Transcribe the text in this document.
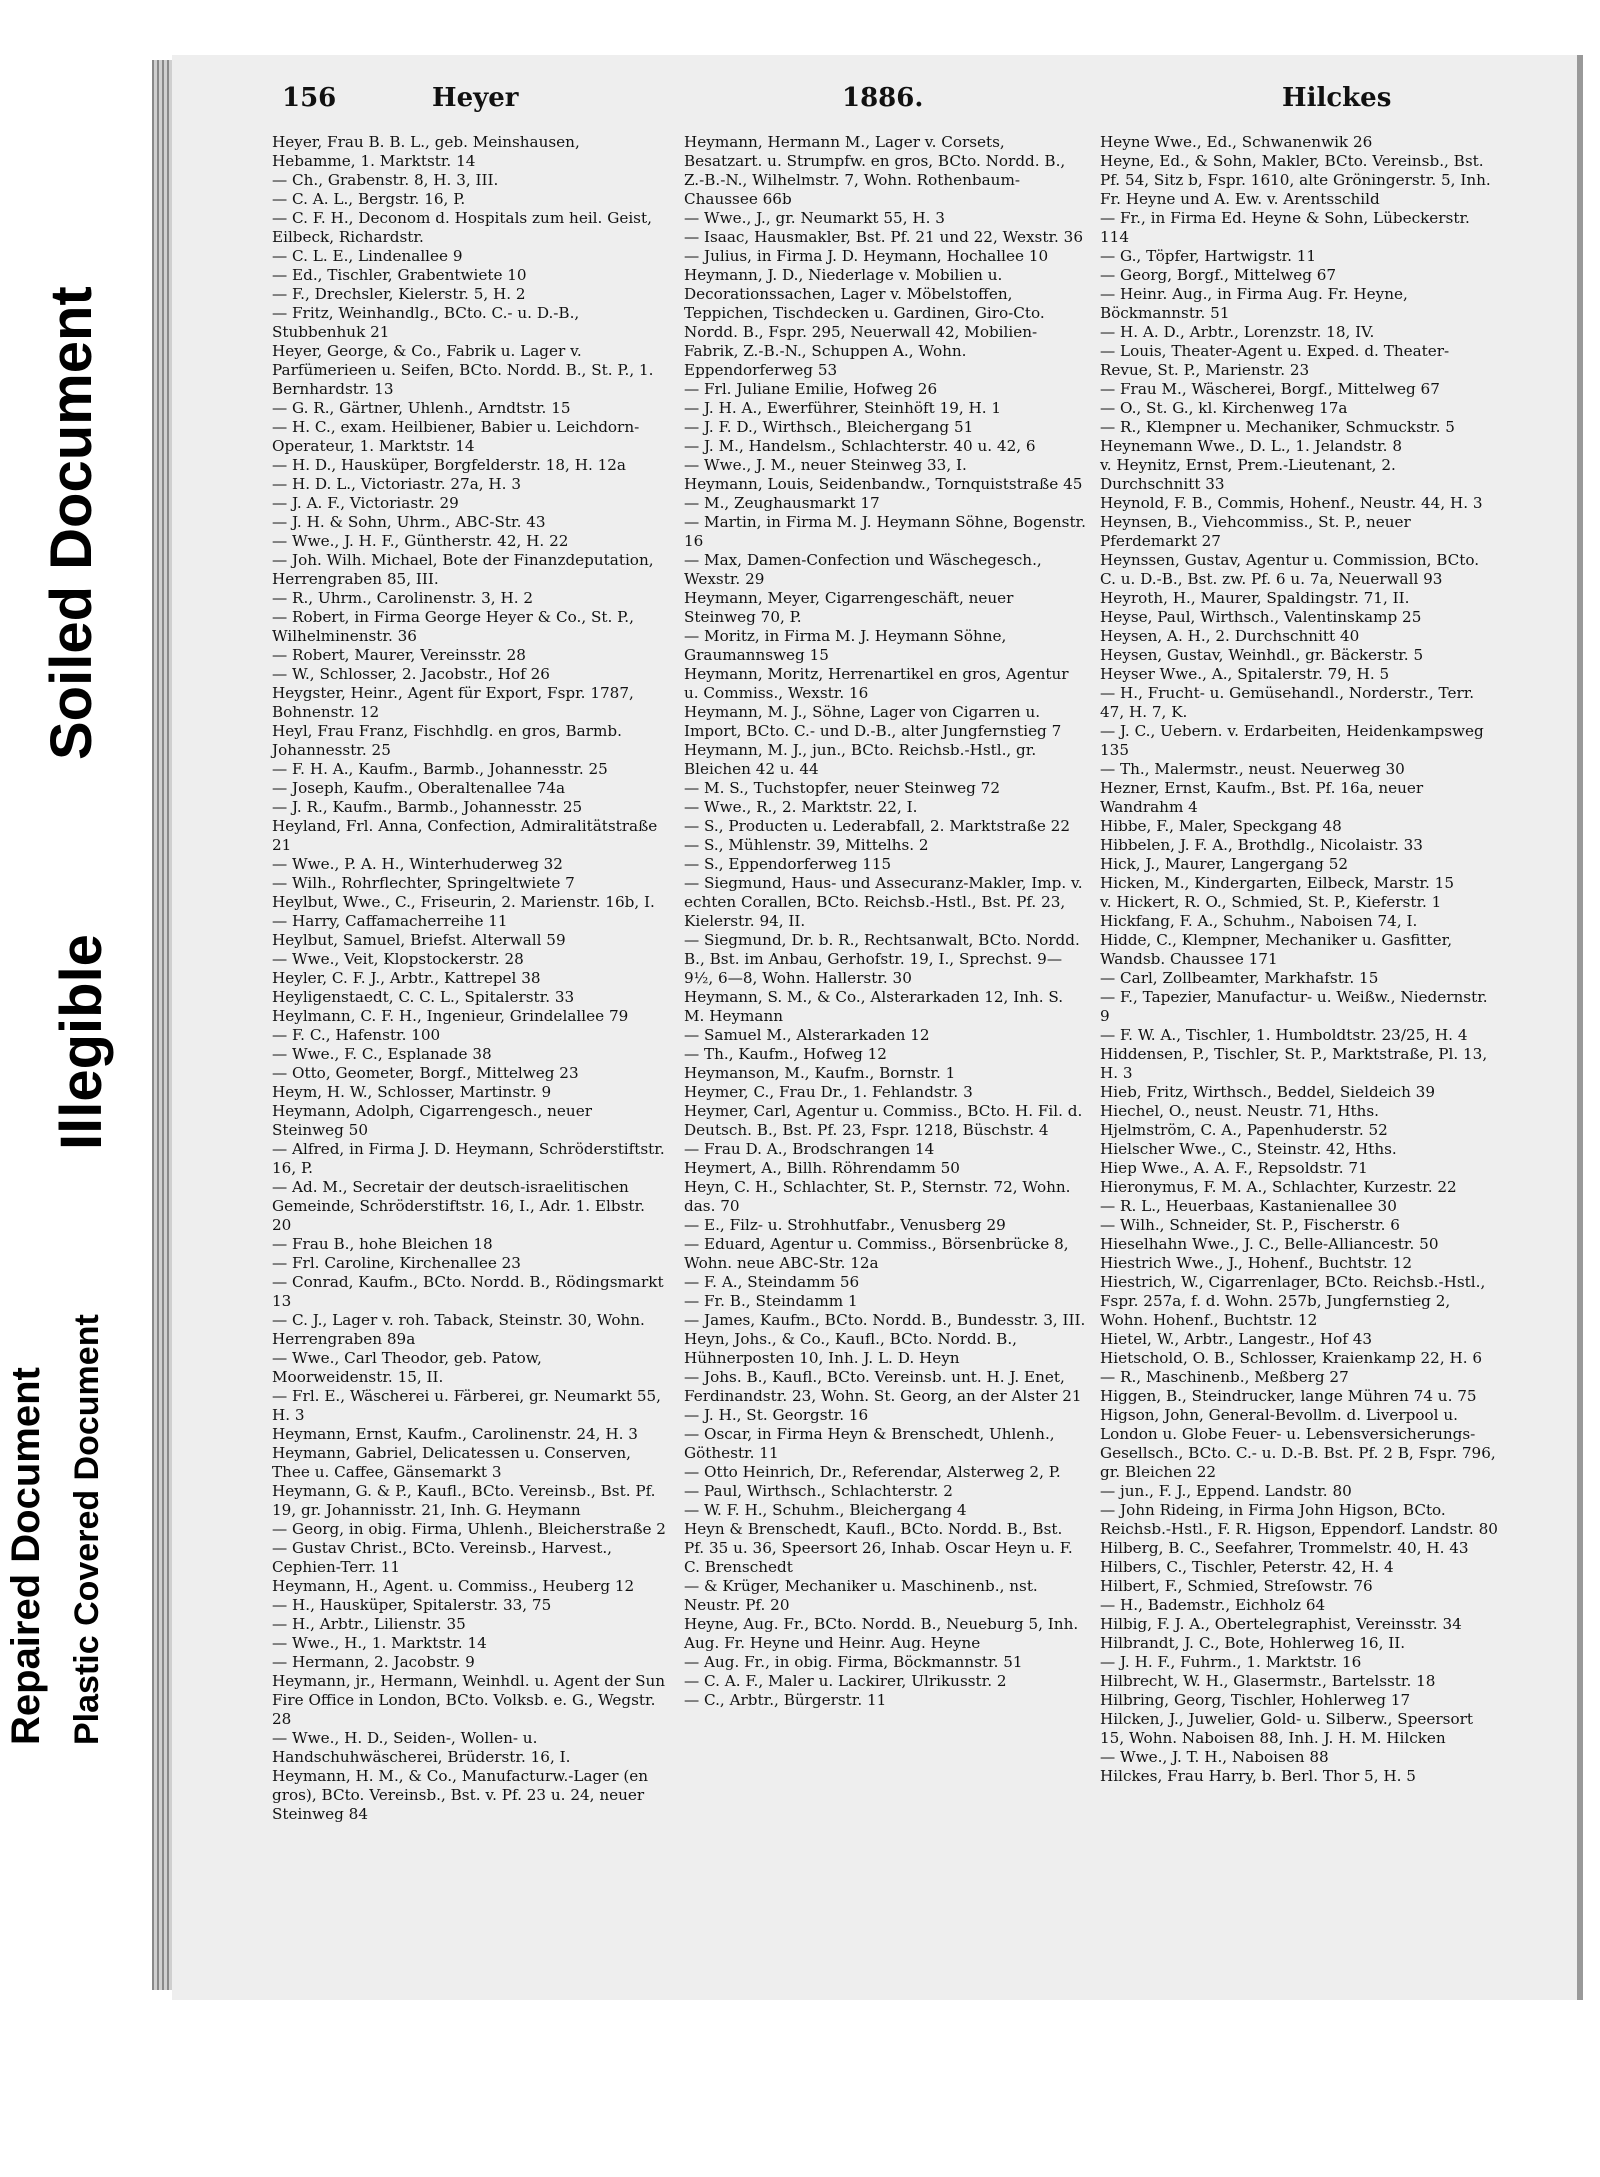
Soiled Document
Illegible
Repaired Document Plastic Covered Document
156	Heyer	1886.	Hilckes
Heyer, Frau B. B. L., geb. Meinshausen, Hebamme, 1. Marktstr. 14
— Ch., Grabenstr. 8, H. 3, III.
— C. A. L., Bergstr. 16, P.
— C. F. H., Deconom d. Hospitals zum heil. Geist, Eilbeck, Richardstr.
— C. L. E., Lindenallee 9
— Ed., Tischler, Grabentwiete 10
— F., Drechsler, Kielerstr. 5, H. 2
— Fritz, Weinhandlg., BCto. C.- u. D.-B., Stubbenhuk 21
Heyer, George, & Co., Fabrik u. Lager v. Parfümerieen u. Seifen, BCto. Nordd. B., St. P., 1. Bernhardstr. 13
— G. R., Gärtner, Uhlenh., Arndtstr. 15
— H. C., exam. Heilbiener, Babier u. Leichdorn-Operateur, 1. Marktstr. 14
— H. D., Hausküper, Borgfelderstr. 18, H. 12a
— H. D. L., Victoriastr. 27a, H. 3
— J. A. F., Victoriastr. 29
— J. H. & Sohn, Uhrm., ABC-Str. 43
— Wwe., J. H. F., Güntherstr. 42, H. 22
— Joh. Wilh. Michael, Bote der Finanzdeputation, Herrengraben 85, III.
— R., Uhrm., Carolinenstr. 3, H. 2
— Robert, in Firma George Heyer & Co., St. P., Wilhelminenstr. 36
— Robert, Maurer, Vereinsstr. 28
— W., Schlosser, 2. Jacobstr., Hof 26
Heygster, Heinr., Agent für Export, Fspr. 1787, Bohnenstr. 12
Heyl, Frau Franz, Fischhdlg. en gros, Barmb. Johannesstr. 25
— F. H. A., Kaufm., Barmb., Johannesstr. 25
— Joseph, Kaufm., Oberaltenallee 74a
— J. R., Kaufm., Barmb., Johannesstr. 25
Heyland, Frl. Anna, Confection, Admiralitätstraße 21
— Wwe., P. A. H., Winterhuderweg 32
— Wilh., Rohrflechter, Springeltwiete 7
Heylbut, Wwe., C., Friseurin, 2. Marienstr. 16b, I.
— Harry, Caffamacherreihe 11
Heylbut, Samuel, Briefst. Alterwall 59
— Wwe., Veit, Klopstockerstr. 28
Heyler, C. F. J., Arbtr., Kattrepel 38
Heyligenstaedt, C. C. L., Spitalerstr. 33
Heylmann, C. F. H., Ingenieur, Grindelallee 79
— F. C., Hafenstr. 100
— Wwe., F. C., Esplanade 38
— Otto, Geometer, Borgf., Mittelweg 23
Heym, H. W., Schlosser, Martinstr. 9
Heymann, Adolph, Cigarrengesch., neuer Steinweg 50
— Alfred, in Firma J. D. Heymann, Schröderstiftstr. 16, P.
— Ad. M., Secretair der deutsch-israelitischen Gemeinde, Schröderstiftstr. 16, I., Adr. 1. Elbstr. 20
— Frau B., hohe Bleichen 18
— Frl. Caroline, Kirchenallee 23
— Conrad, Kaufm., BCto. Nordd. B., Rödingsmarkt 13
— C. J., Lager v. roh. Taback, Steinstr. 30, Wohn. Herrengraben 89a
— Wwe., Carl Theodor, geb. Patow, Moorweidenstr. 15, II.
— Frl. E., Wäscherei u. Färberei, gr. Neumarkt 55, H. 3
Heymann, Ernst, Kaufm., Carolinenstr. 24, H. 3
Heymann, Gabriel, Delicatessen u. Conserven, Thee u. Caffee, Gänsemarkt 3
Heymann, G. & P., Kaufl., BCto. Vereinsb., Bst. Pf. 19, gr. Johannisstr. 21, Inh. G. Heymann
— Georg, in obig. Firma, Uhlenh., Bleicherstraße 2
— Gustav Christ., BCto. Vereinsb., Harvest., Cephien-Terr. 11
Heymann, H., Agent. u. Commiss., Heuberg 12
— H., Hausküper, Spitalerstr. 33, 75
— H., Arbtr., Lilienstr. 35
— Wwe., H., 1. Marktstr. 14
— Hermann, 2. Jacobstr. 9
Heymann, jr., Hermann, Weinhdl. u. Agent der Sun Fire Office in London, BCto. Volksb. e. G., Wegstr. 28
— Wwe., H. D., Seiden-, Wollen- u. Handschuhwäscherei, Brüderstr. 16, I.
Heymann, H. M., & Co., Manufacturw.-Lager (en gros), BCto. Vereinsb., Bst. v. Pf. 23 u. 24, neuer Steinweg 84
Heymann, Hermann M., Lager v. Corsets, Besatzart. u. Strumpfw. en gros, BCto. Nordd. B., Z.-B.-N., Wilhelmstr. 7, Wohn. Rothenbaum-Chaussee 66b
— Wwe., J., gr. Neumarkt 55, H. 3
— Isaac, Hausmakler, Bst. Pf. 21 und 22, Wexstr. 36
— Julius, in Firma J. D. Heymann, Hochallee 10
Heymann, J. D., Niederlage v. Mobilien u. Decorationssachen, Lager v. Möbelstoffen, Teppichen, Tischdecken u. Gardinen, Giro-Cto. Nordd. B., Fspr. 295, Neuerwall 42, Mobilien-Fabrik, Z.-B.-N., Schuppen A., Wohn. Eppendorferweg 53
— Frl. Juliane Emilie, Hofweg 26
— J. H. A., Ewerführer, Steinhöft 19, H. 1
— J. F. D., Wirthsch., Bleichergang 51
— J. M., Handelsm., Schlachterstr. 40 u. 42, 6
— Wwe., J. M., neuer Steinweg 33, I.
Heymann, Louis, Seidenbandw., Tornquiststraße 45
— M., Zeughausmarkt 17
— Martin, in Firma M. J. Heymann Söhne, Bogenstr. 16
— Max, Damen-Confection und Wäschegesch., Wexstr. 29
Heymann, Meyer, Cigarrengeschäft, neuer Steinweg 70, P.
— Moritz, in Firma M. J. Heymann Söhne, Graumannsweg 15
Heymann, Moritz, Herrenartikel en gros, Agentur u. Commiss., Wexstr. 16
Heymann, M. J., Söhne, Lager von Cigarren u. Import, BCto. C.- und D.-B., alter Jungfernstieg 7
Heymann, M. J., jun., BCto. Reichsb.-Hstl., gr. Bleichen 42 u. 44
— M. S., Tuchstopfer, neuer Steinweg 72
— Wwe., R., 2. Marktstr. 22, I.
— S., Producten u. Lederabfall, 2. Marktstraße 22
— S., Mühlenstr. 39, Mittelhs. 2
— S., Eppendorferweg 115
— Siegmund, Haus- und Assecuranz-Makler, Imp. v. echten Corallen, BCto. Reichsb.-Hstl., Bst. Pf. 23, Kielerstr. 94, II.
— Siegmund, Dr. b. R., Rechtsanwalt, BCto. Nordd. B., Bst. im Anbau, Gerhofstr. 19, I., Sprechst. 9—9½, 6—8, Wohn. Hallerstr. 30
Heymann, S. M., & Co., Alsterarkaden 12, Inh. S. M. Heymann
— Samuel M., Alsterarkaden 12
— Th., Kaufm., Hofweg 12
Heymanson, M., Kaufm., Bornstr. 1
Heymer, C., Frau Dr., 1. Fehlandstr. 3
Heymer, Carl, Agentur u. Commiss., BCto. H. Fil. d. Deutsch. B., Bst. Pf. 23, Fspr. 1218, Büschstr. 4
— Frau D. A., Brodschrangen 14
Heymert, A., Billh. Röhrendamm 50
Heyn, C. H., Schlachter, St. P., Sternstr. 72, Wohn. das. 70
— E., Filz- u. Strohhutfabr., Venusberg 29
— Eduard, Agentur u. Commiss., Börsenbrücke 8, Wohn. neue ABC-Str. 12a
— F. A., Steindamm 56
— Fr. B., Steindamm 1
— James, Kaufm., BCto. Nordd. B., Bundesstr. 3, III.
Heyn, Johs., & Co., Kaufl., BCto. Nordd. B., Hühnerposten 10, Inh. J. L. D. Heyn
— Johs. B., Kaufl., BCto. Vereinsb. unt. H. J. Enet, Ferdinandstr. 23, Wohn. St. Georg, an der Alster 21
— J. H., St. Georgstr. 16
— Oscar, in Firma Heyn & Brenschedt, Uhlenh., Göthestr. 11
— Otto Heinrich, Dr., Referendar, Alsterweg 2, P.
— Paul, Wirthsch., Schlachterstr. 2
— W. F. H., Schuhm., Bleichergang 4
Heyn & Brenschedt, Kaufl., BCto. Nordd. B., Bst. Pf. 35 u. 36, Speersort 26, Inhab. Oscar Heyn u. F. C. Brenschedt
— & Krüger, Mechaniker u. Maschinenb., nst. Neustr. Pf. 20
Heyne, Aug. Fr., BCto. Nordd. B., Neueburg 5, Inh. Aug. Fr. Heyne und Heinr. Aug. Heyne
— Aug. Fr., in obig. Firma, Böckmannstr. 51
— C. A. F., Maler u. Lackirer, Ulrikusstr. 2
— C., Arbtr., Bürgerstr. 11
Heyne Wwe., Ed., Schwanenwik 26
Heyne, Ed., & Sohn, Makler, BCto. Vereinsb., Bst. Pf. 54, Sitz b, Fspr. 1610, alte Gröningerstr. 5, Inh. Fr. Heyne und A. Ew. v. Arentsschild
— Fr., in Firma Ed. Heyne & Sohn, Lübeckerstr. 114
— G., Töpfer, Hartwigstr. 11
— Georg, Borgf., Mittelweg 67
— Heinr. Aug., in Firma Aug. Fr. Heyne, Böckmannstr. 51
— H. A. D., Arbtr., Lorenzstr. 18, IV.
— Louis, Theater-Agent u. Exped. d. Theater-Revue, St. P., Marienstr. 23
— Frau M., Wäscherei, Borgf., Mittelweg 67
— O., St. G., kl. Kirchenweg 17a
— R., Klempner u. Mechaniker, Schmuckstr. 5
Heynemann Wwe., D. L., 1. Jelandstr. 8
v. Heynitz, Ernst, Prem.-Lieutenant, 2. Durchschnitt 33
Heynold, F. B., Commis, Hohenf., Neustr. 44, H. 3
Heynsen, B., Viehcommiss., St. P., neuer Pferdemarkt 27
Heynssen, Gustav, Agentur u. Commission, BCto. C. u. D.-B., Bst. zw. Pf. 6 u. 7a, Neuerwall 93
Heyroth, H., Maurer, Spaldingstr. 71, II.
Heyse, Paul, Wirthsch., Valentinskamp 25
Heysen, A. H., 2. Durchschnitt 40
Heysen, Gustav, Weinhdl., gr. Bäckerstr. 5
Heyser Wwe., A., Spitalerstr. 79, H. 5
— H., Frucht- u. Gemüsehandl., Norderstr., Terr. 47, H. 7, K.
— J. C., Uebern. v. Erdarbeiten, Heidenkampsweg 135
— Th., Malermstr., neust. Neuerweg 30
Hezner, Ernst, Kaufm., Bst. Pf. 16a, neuer Wandrahm 4
Hibbe, F., Maler, Speckgang 48
Hibbelen, J. F. A., Brothdlg., Nicolaistr. 33
Hick, J., Maurer, Langergang 52
Hicken, M., Kindergarten, Eilbeck, Marstr. 15
v. Hickert, R. O., Schmied, St. P., Kieferstr. 1
Hickfang, F. A., Schuhm., Naboisen 74, I.
Hidde, C., Klempner, Mechaniker u. Gasfitter, Wandsb. Chaussee 171
— Carl, Zollbeamter, Markhafstr. 15
— F., Tapezier, Manufactur- u. Weißw., Niedernstr. 9
— F. W. A., Tischler, 1. Humboldtstr. 23/25, H. 4
Hiddensen, P., Tischler, St. P., Marktstraße, Pl. 13, H. 3
Hieb, Fritz, Wirthsch., Beddel, Sieldeich 39
Hiechel, O., neust. Neustr. 71, Hths.
Hjelmström, C. A., Papenhuderstr. 52
Hielscher Wwe., C., Steinstr. 42, Hths.
Hiep Wwe., A. A. F., Repsoldstr. 71
Hieronymus, F. M. A., Schlachter, Kurzestr. 22
— R. L., Heuerbaas, Kastanienallee 30
— Wilh., Schneider, St. P., Fischerstr. 6
Hieselhahn Wwe., J. C., Belle-Alliancestr. 50
Hiestrich Wwe., J., Hohenf., Buchtstr. 12
Hiestrich, W., Cigarrenlager, BCto. Reichsb.-Hstl., Fspr. 257a, f. d. Wohn. 257b, Jungfernstieg 2, Wohn. Hohenf., Buchtstr. 12
Hietel, W., Arbtr., Langestr., Hof 43
Hietschold, O. B., Schlosser, Kraienkamp 22, H. 6
— R., Maschinenb., Meßberg 27
Higgen, B., Steindrucker, lange Mühren 74 u. 75
Higson, John, General-Bevollm. d. Liverpool u. London u. Globe Feuer- u. Lebensversicherungs-Gesellsch., BCto. C.- u. D.-B. Bst. Pf. 2 B, Fspr. 796, gr. Bleichen 22
— jun., F. J., Eppend. Landstr. 80
— John Rideing, in Firma John Higson, BCto. Reichsb.-Hstl., F. R. Higson, Eppendorf. Landstr. 80
Hilberg, B. C., Seefahrer, Trommelstr. 40, H. 43
Hilbers, C., Tischler, Peterstr. 42, H. 4
Hilbert, F., Schmied, Streſowstr. 76
— H., Bademstr., Eichholz 64
Hilbig, F. J. A., Obertelegraphist, Vereinsstr. 34
Hilbrandt, J. C., Bote, Hohlerweg 16, II.
— J. H. F., Fuhrm., 1. Marktstr. 16
Hilbrecht, W. H., Glasermstr., Bartelsstr. 18
Hilbring, Georg, Tischler, Hohlerweg 17
Hilcken, J., Juwelier, Gold- u. Silberw., Speersort 15, Wohn. Naboisen 88, Inh. J. H. M. Hilcken
— Wwe., J. T. H., Naboisen 88
Hilckes, Frau Harry, b. Berl. Thor 5, H. 5
